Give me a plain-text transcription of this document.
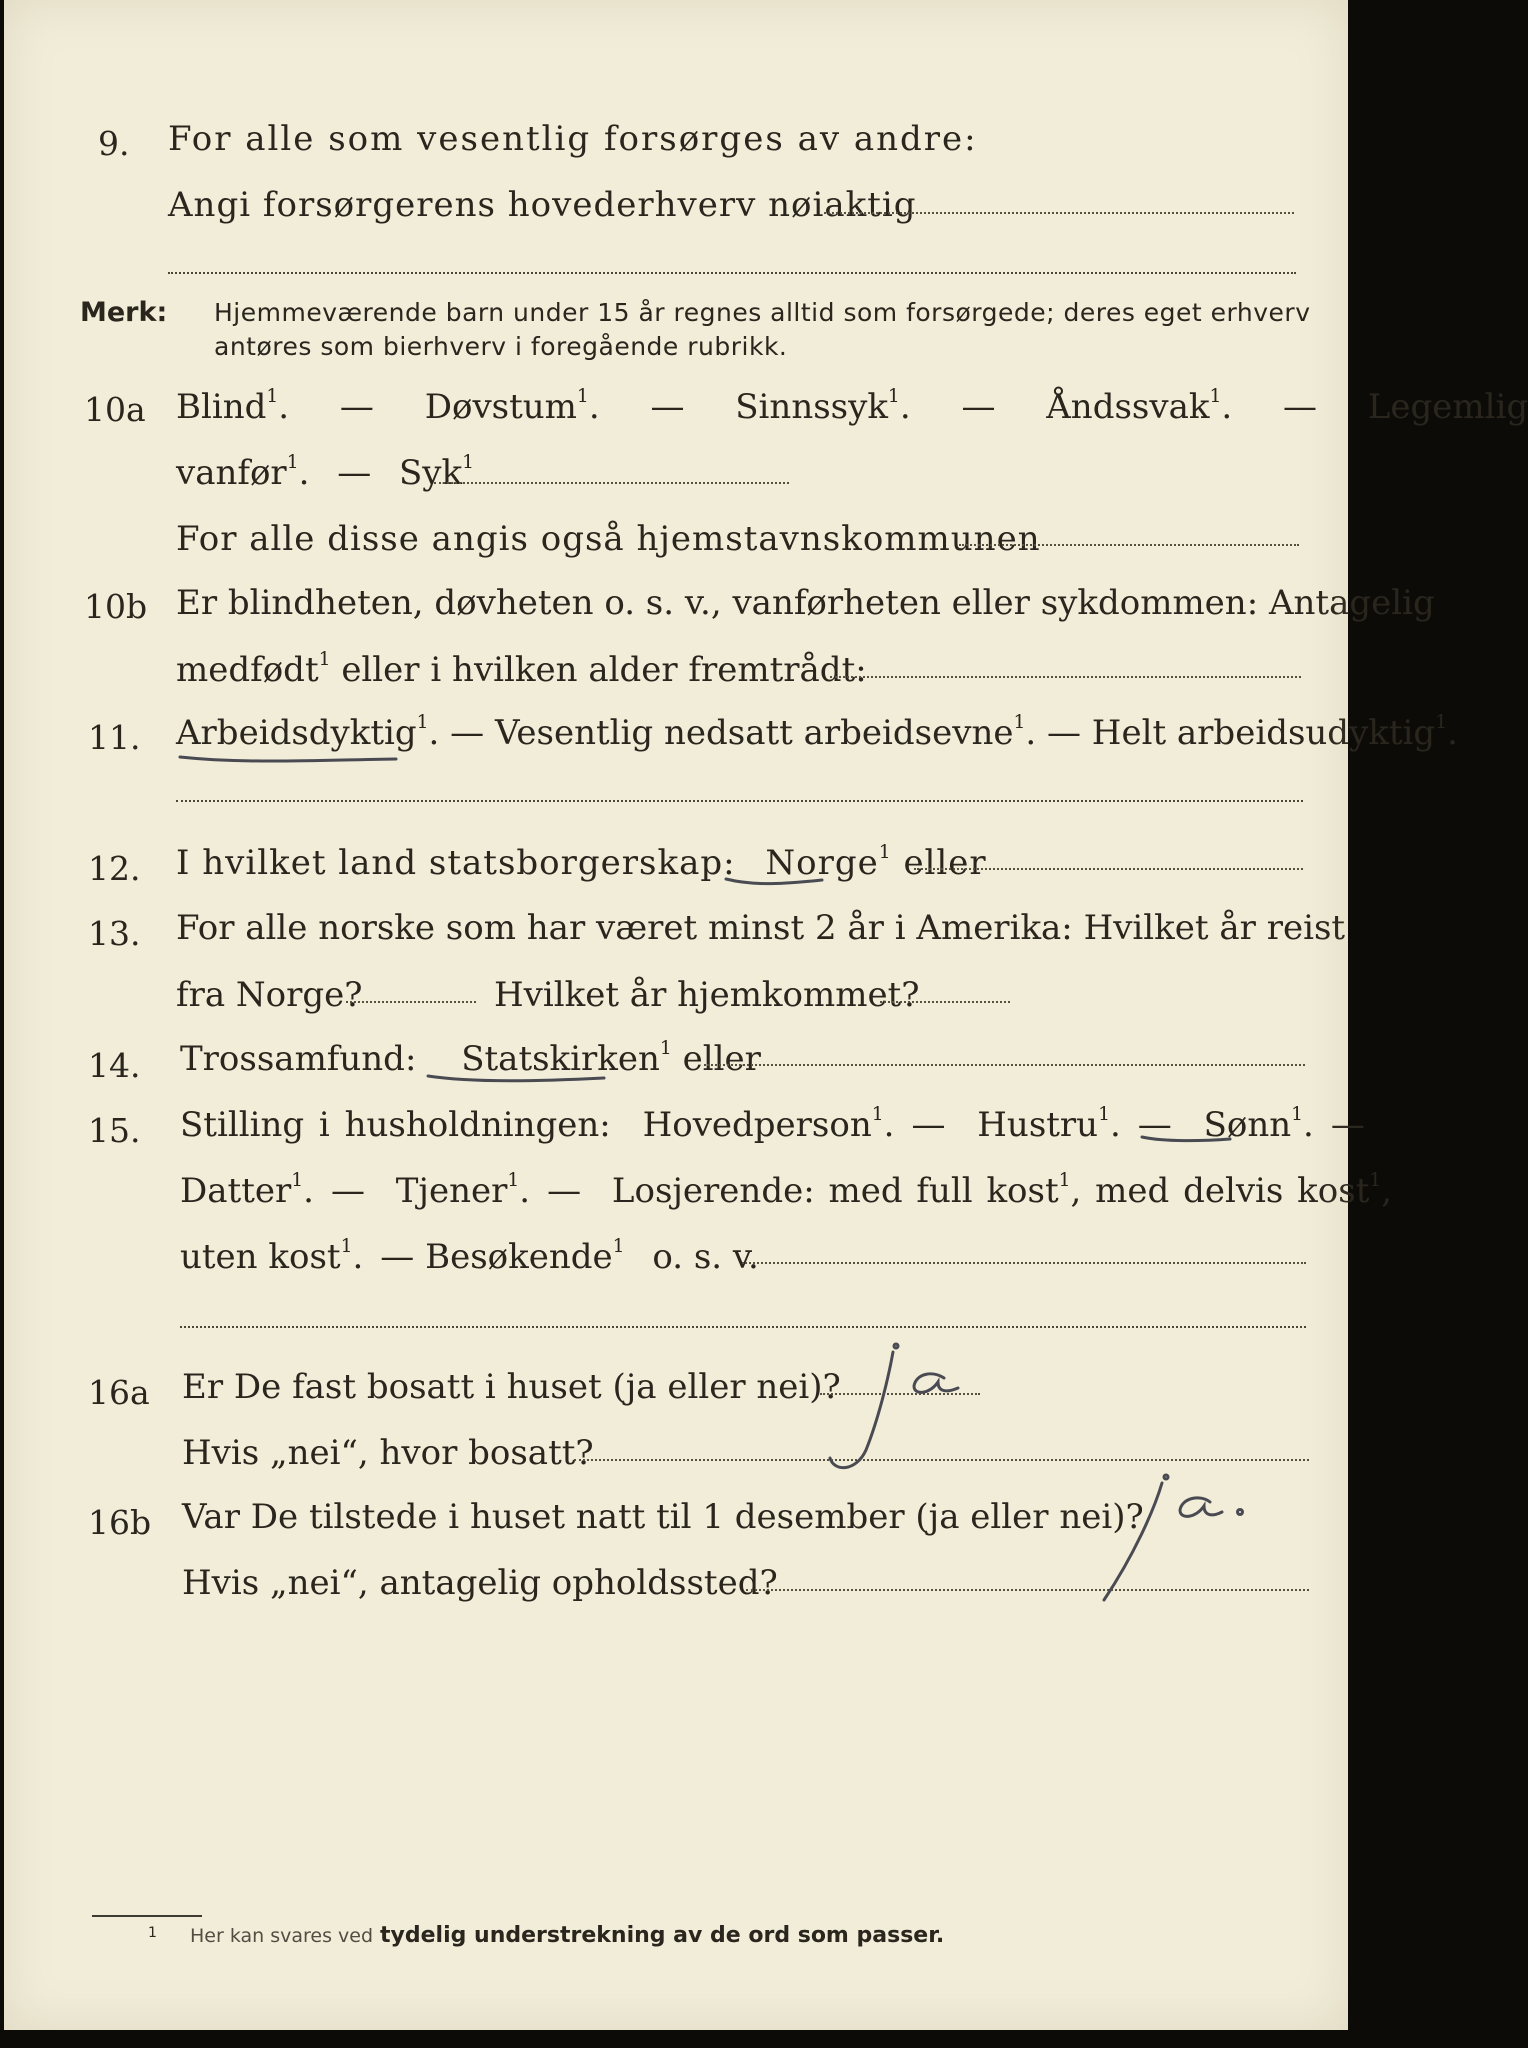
9.	For alle som vesentlig forsørges av andre:
Angi forsørgerens hovederhverv nøiaktig
Merk: Hjemmeværende barn under 15 år regnes alltid som forsørgede; deres eget erhverv
antøres som bierhverv i foregående rubrikk.
10a Blind$^1$.   —  Døvstum$^1$.   —  Sinnssyk$^1$.   —  Åndssvak$^1$.   —  Legemlig
vanfør$^1$.   —  Syk$^1$
For alle disse angis også hjemstavnskommunen
10b Er blindheten, døvheten o. s. v., vanførheten eller sykdommen: Antagelig
medfødt$^1$ eller i hvilken alder fremtrådt:
11.	Arbeidsdyktig$^1$. — Vesentlig nedsatt arbeidsevne$^1$. — Helt arbeidsudyktig$^1$.
12.	I hvilket land statsborgerskap:  Norge$^1$ eller
13.	For alle norske som har været minst 2 år i Amerika: Hvilket år reist
fra Norge?	Hvilket år hjemkommet?
14.	Trossamfund:  Statskirken$^1$ eller
15.	Stilling i husholdningen:  Hovedperson$^1$. —  Hustru$^1$. —  Sønn$^1$. —
Datter$^1$. —  Tjener$^1$. —  Losjerende: med full kost$^1$, med delvis kost$^1$,
uten kost$^1$. — Besøkende$^1$  o. s. v.
16a Er De fast bosatt i huset (ja eller nei)?
Hvis „nei“, hvor bosatt?
16b Var De tilstede i huset natt til 1 desember (ja eller nei)?
Hvis „nei“, antagelig opholdssted?
1 Her kan svares ved tydelig understrekning av de ord som passer.
